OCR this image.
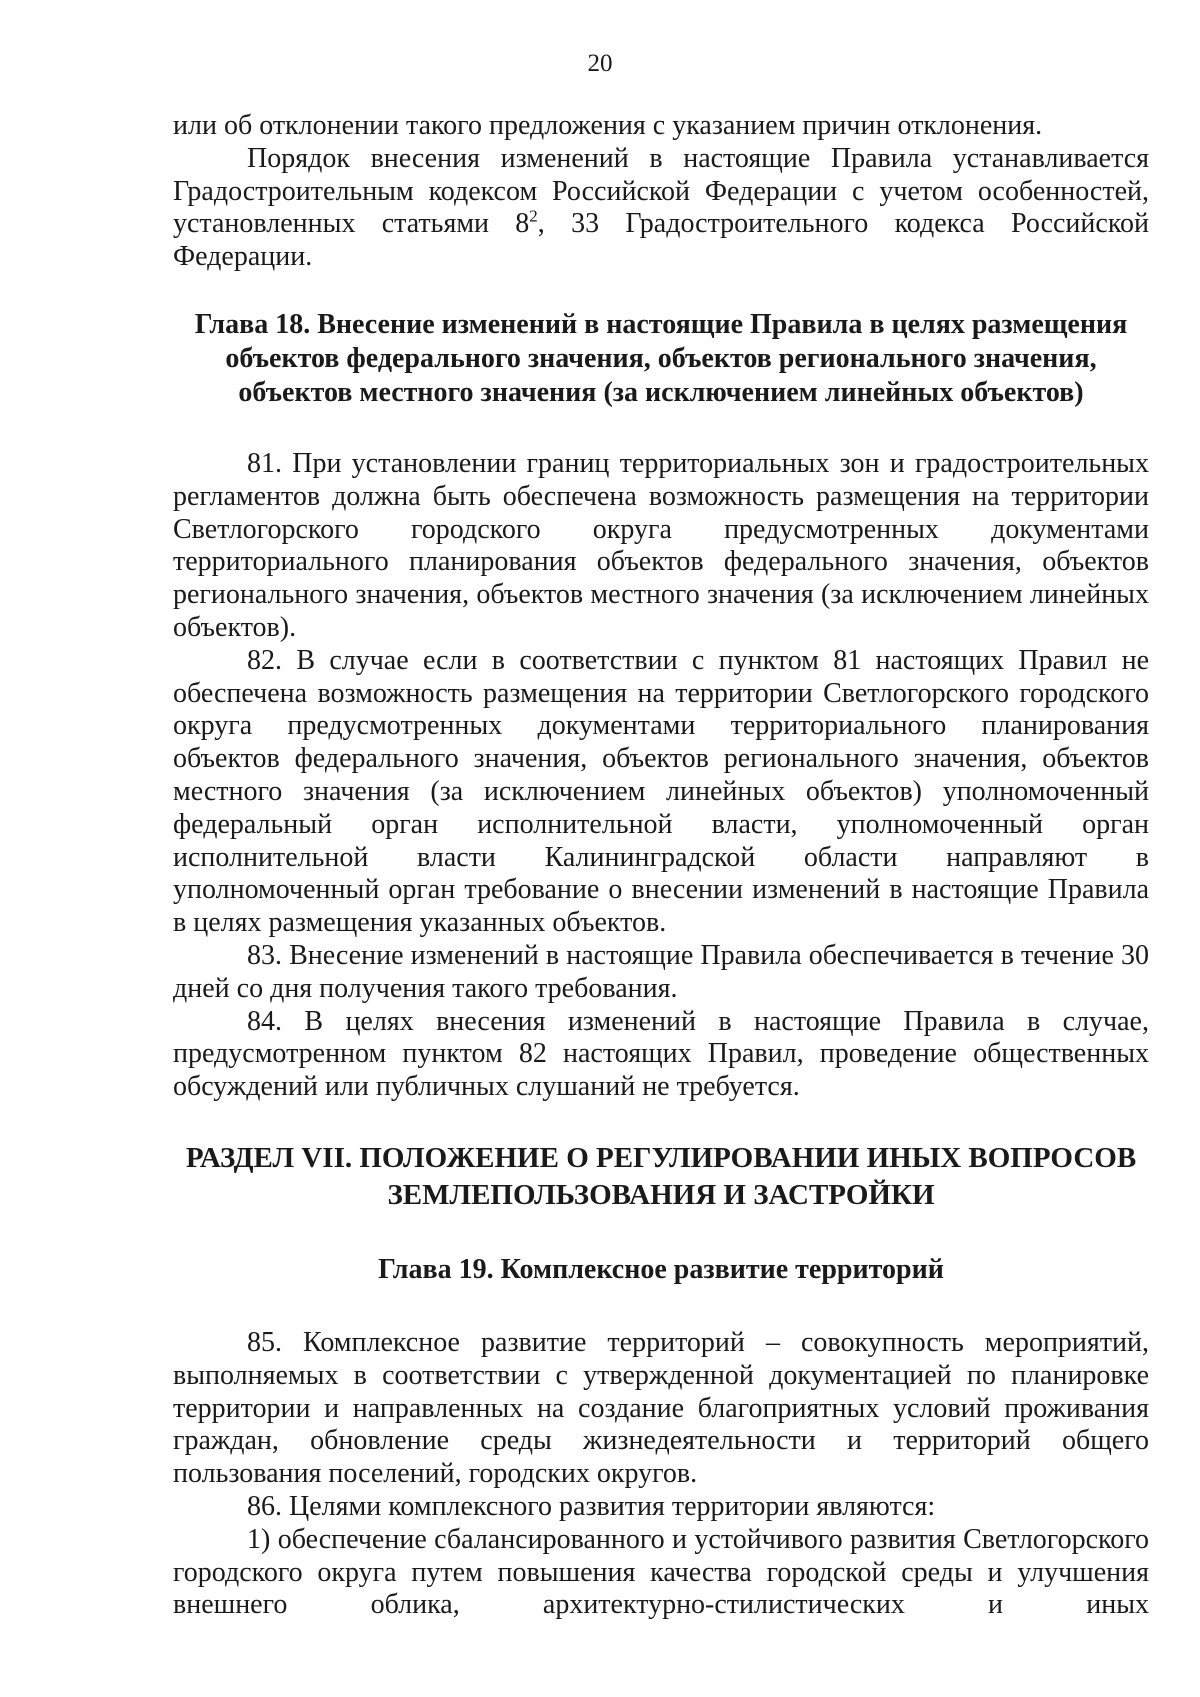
20

или об отклонении такого предложения с указанием причин отклонения.

Порядок внесения изменений в настоящие Правила устанавливается Градостроительным кодексом Российской Федерации с учетом особенностей, установленных статьями $8^2$, 33 Градостроительного кодекса Российской Федерации.

Глава 18. Внесение изменений в настоящие Правила в целях размещения объектов федерального значения, объектов регионального значения, объектов местного значения (за исключением линейных объектов)

81. При установлении границ территориальных зон и градостроительных регламентов должна быть обеспечена возможность размещения на территории Светлогорского городского округа предусмотренных документами территориального планирования объектов федерального значения, объектов регионального значения, объектов местного значения (за исключением линейных объектов).

82. В случае если в соответствии с пунктом 81 настоящих Правил не обеспечена возможность размещения на территории Светлогорского городского округа предусмотренных документами территориального планирования объектов федерального значения, объектов регионального значения, объектов местного значения (за исключением линейных объектов) уполномоченный федеральный орган исполнительной власти, уполномоченный орган исполнительной власти Калининградской области направляют в уполномоченный орган требование о внесении изменений в настоящие Правила в целях размещения указанных объектов.

83. Внесение изменений в настоящие Правила обеспечивается в течение 30 дней со дня получения такого требования.

84. В целях внесения изменений в настоящие Правила в случае, предусмотренном пунктом 82 настоящих Правил, проведение общественных обсуждений или публичных слушаний не требуется.

РАЗДЕЛ VII. ПОЛОЖЕНИЕ О РЕГУЛИРОВАНИИ ИНЫХ ВОПРОСОВ ЗЕМЛЕПОЛЬЗОВАНИЯ И ЗАСТРОЙКИ
Глава 19. Комплексное развитие территорий

85. Комплексное развитие территорий – совокупность мероприятий, выполняемых в соответствии с утвержденной документацией по планировке территории и направленных на создание благоприятных условий проживания граждан, обновление среды жизнедеятельности и территорий общего пользования поселений, городских округов.

86. Целями комплексного развития территории являются:

1) обеспечение сбалансированного и устойчивого развития Светлогорского городского округа путем повышения качества городской среды и улучшения внешнего облика, архитектурно-стилистических и иных
